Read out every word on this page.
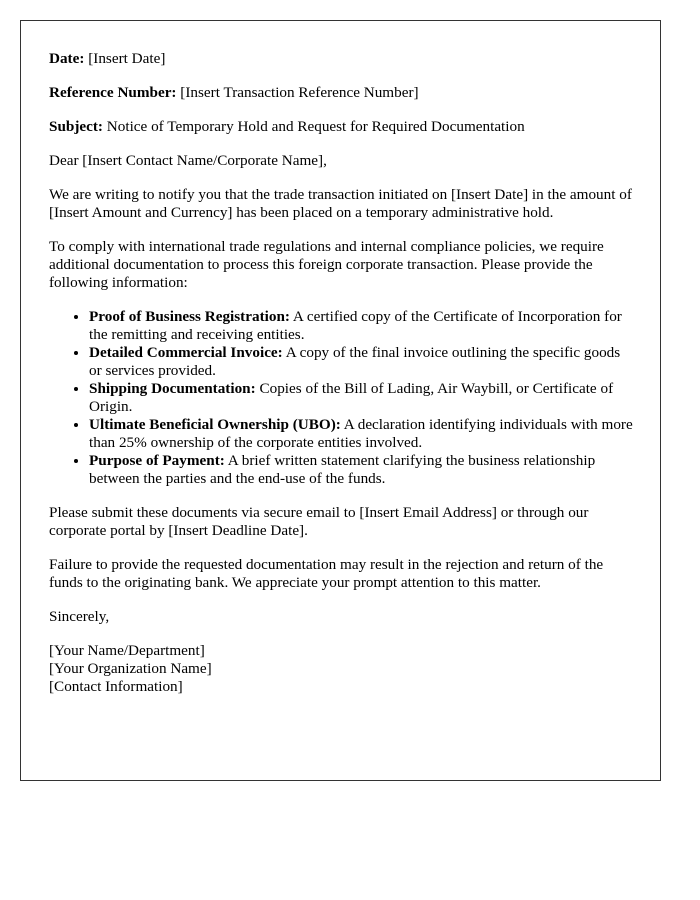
Date: [Insert Date]

Reference Number: [Insert Transaction Reference Number]

Subject: Notice of Temporary Hold and Request for Required Documentation

Dear [Insert Contact Name/Corporate Name],

We are writing to notify you that the trade transaction initiated on [Insert Date] in the amount of [Insert Amount and Currency] has been placed on a temporary administrative hold.

To comply with international trade regulations and internal compliance policies, we require additional documentation to process this foreign corporate transaction. Please provide the following information:

• Proof of Business Registration: A certified copy of the Certificate of Incorporation for the remitting and receiving entities.
• Detailed Commercial Invoice: A copy of the final invoice outlining the specific goods or services provided.
• Shipping Documentation: Copies of the Bill of Lading, Air Waybill, or Certificate of Origin.
• Ultimate Beneficial Ownership (UBO): A declaration identifying individuals with more than 25% ownership of the corporate entities involved.
• Purpose of Payment: A brief written statement clarifying the business relationship between the parties and the end-use of the funds.

Please submit these documents via secure email to [Insert Email Address] or through our corporate portal by [Insert Deadline Date].

Failure to provide the requested documentation may result in the rejection and return of the funds to the originating bank. We appreciate your prompt attention to this matter.

Sincerely,

[Your Name/Department]

[Your Organization Name]

[Contact Information]
